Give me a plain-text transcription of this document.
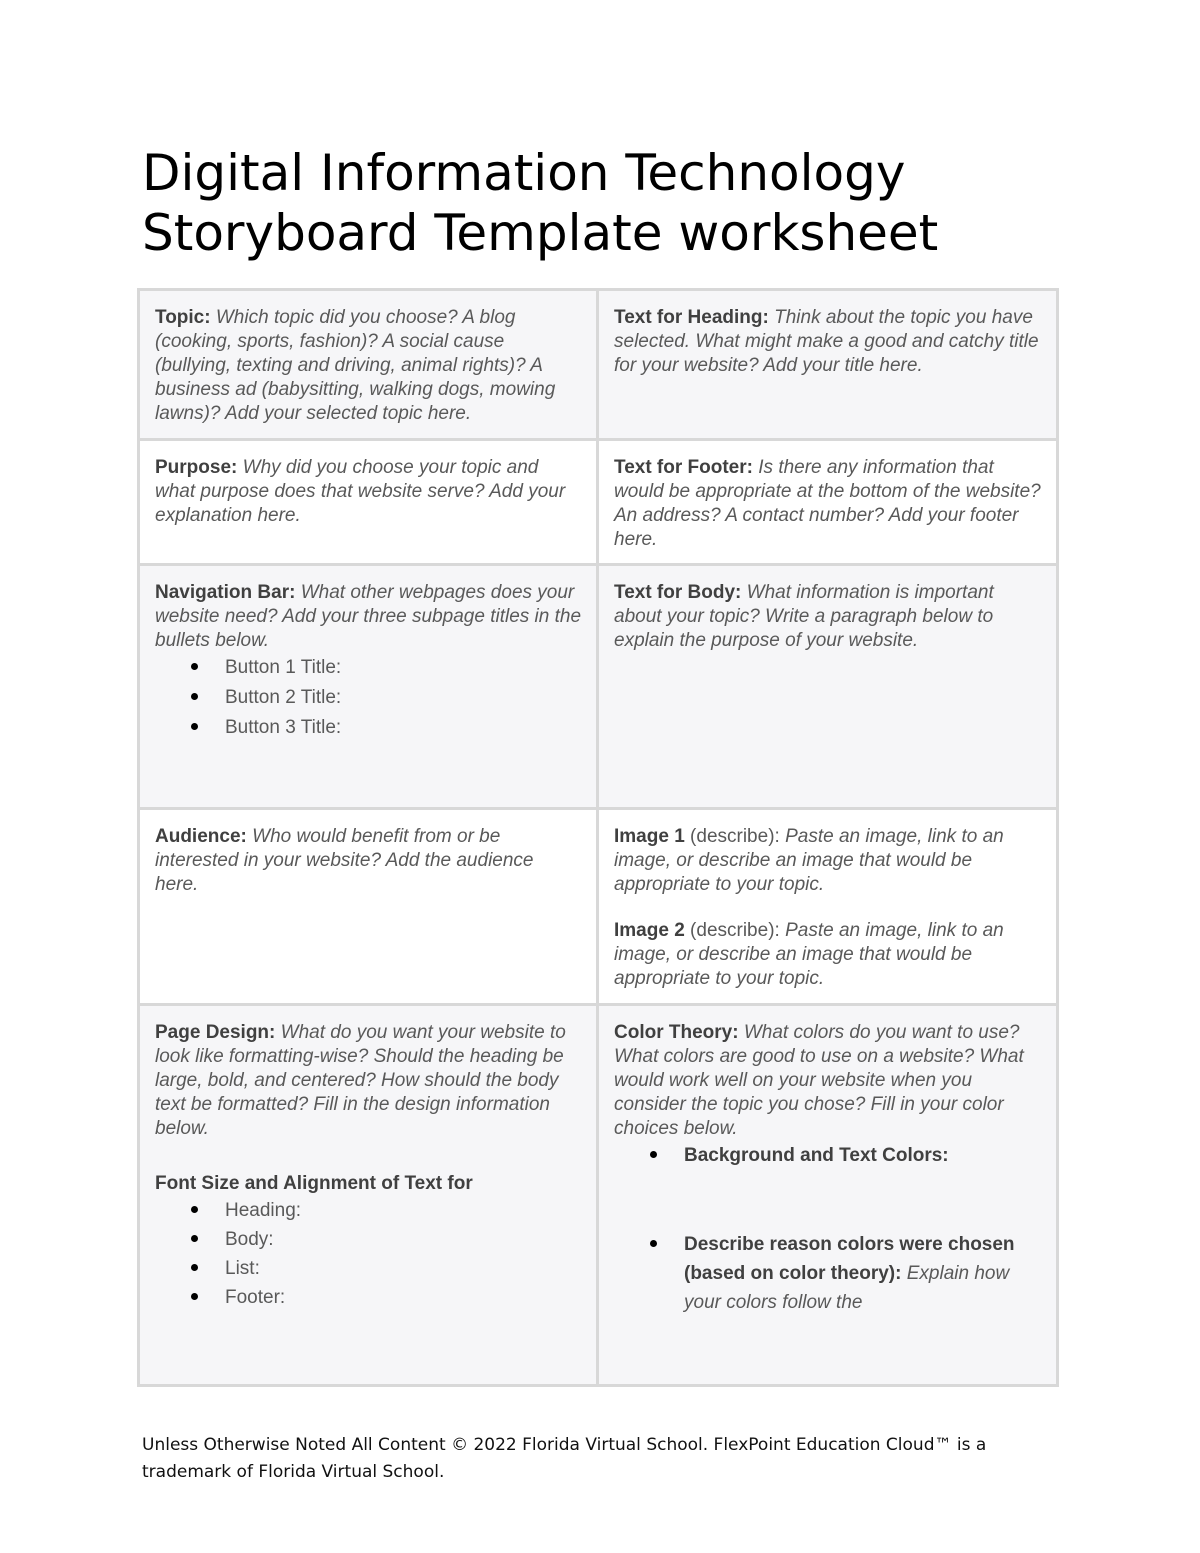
Digital Information Technology
Storyboard Template worksheet
Topic: Which topic did you choose? A blog (cooking, sports, fashion)? A social cause (bullying, texting and driving, animal rights)? A business ad (babysitting, walking dogs, mowing lawns)? Add your selected topic here.
Text for Heading: Think about the topic you have selected. What might make a good and catchy title for your website? Add your title here.
Purpose: Why did you choose your topic and what purpose does that website serve? Add your explanation here.
Text for Footer: Is there any information that would be appropriate at the bottom of the website? An address? A contact number? Add your footer here.
Navigation Bar: What other webpages does your website need? Add your three subpage titles in the bullets below.
Button 1 Title:
Button 2 Title:
Button 3 Title:
Text for Body: What information is important about your topic? Write a paragraph below to explain the purpose of your website.
Audience: Who would benefit from or be interested in your website? Add the audience here.
Image 1 (describe): Paste an image, link to an image, or describe an image that would be appropriate to your topic.
Image 2 (describe): Paste an image, link to an image, or describe an image that would be appropriate to your topic.
Page Design: What do you want your website to look like formatting-wise? Should the heading be large, bold, and centered? How should the body text be formatted? Fill in the design information below.
Font Size and Alignment of Text for
Heading:
Body:
List:
Footer:
Color Theory: What colors do you want to use? What colors are good to use on a website? What would work well on your website when you consider the topic you chose? Fill in your color choices below.
Background and Text Colors:
Describe reason colors were chosen (based on color theory): Explain how your colors follow the
Unless Otherwise Noted All Content © 2022 Florida Virtual School. FlexPoint Education Cloud™ is a trademark of Florida Virtual School.
